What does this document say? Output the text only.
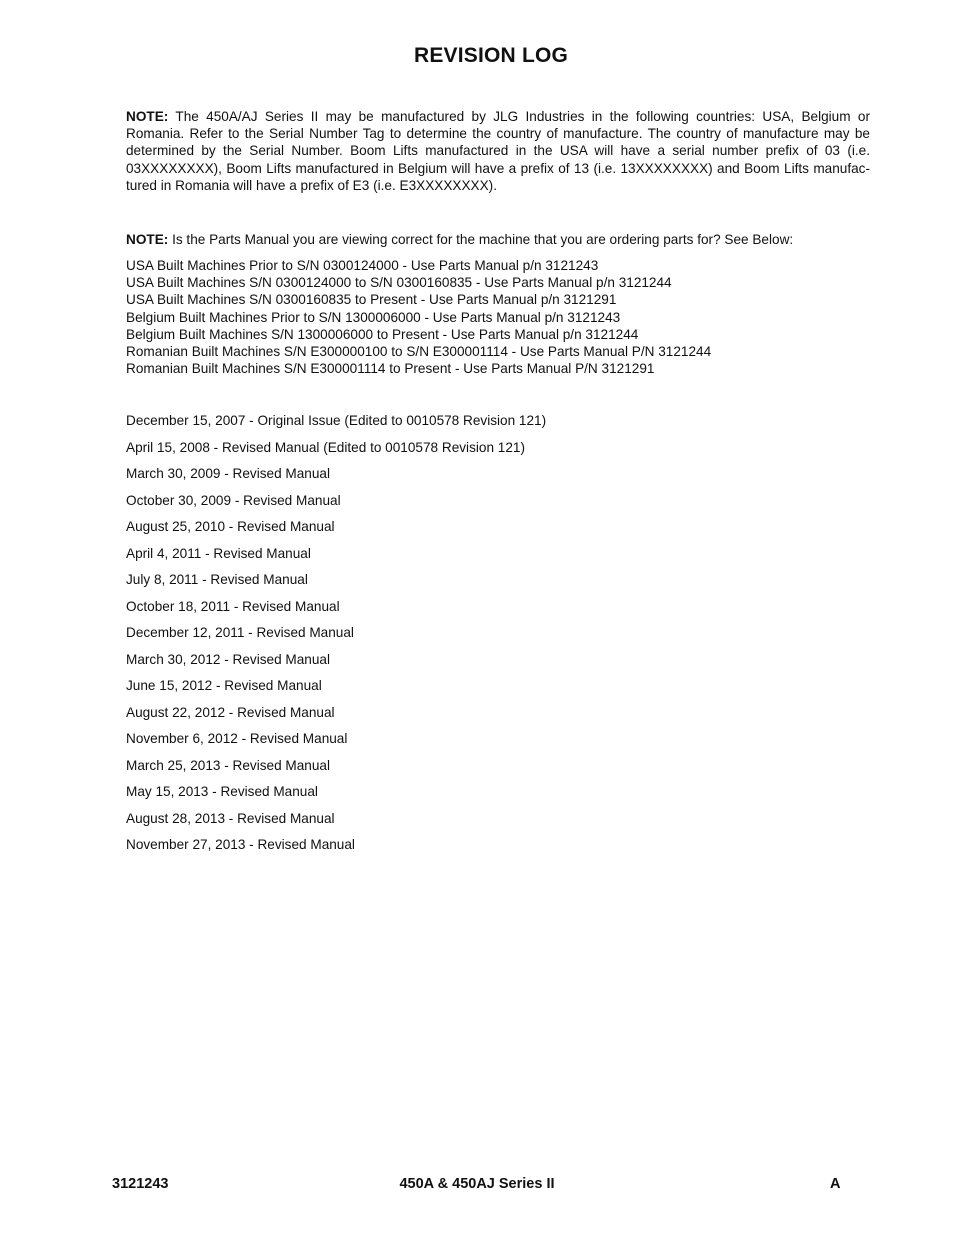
REVISION LOG
NOTE: The 450A/AJ Series II may be manufactured by JLG Industries in the following countries: USA, Belgium or
Romania. Refer to the Serial Number Tag to determine the country of manufacture. The country of manufacture may be
determined by the Serial Number. Boom Lifts manufactured in the USA will have a serial number prefix of 03 (i.e.
03XXXXXXXX), Boom Lifts manufactured in Belgium will have a prefix of 13 (i.e. 13XXXXXXXX) and Boom Lifts manufac-
tured in Romania will have a prefix of E3 (i.e. E3XXXXXXXX).
NOTE: Is the Parts Manual you are viewing correct for the machine that you are ordering parts for? See Below:
USA Built Machines Prior to S/N 0300124000 - Use Parts Manual p/n 3121243
USA Built Machines S/N 0300124000 to S/N 0300160835 - Use Parts Manual p/n 3121244
USA Built Machines S/N 0300160835 to Present - Use Parts Manual p/n 3121291
Belgium Built Machines Prior to S/N 1300006000 - Use Parts Manual p/n 3121243
Belgium Built Machines S/N 1300006000 to Present - Use Parts Manual p/n 3121244
Romanian Built Machines S/N E300000100 to S/N E300001114 - Use Parts Manual P/N 3121244
Romanian Built Machines S/N E300001114 to Present - Use Parts Manual P/N 3121291
December 15, 2007 - Original Issue (Edited to 0010578 Revision 121)
April 15, 2008 - Revised Manual (Edited to 0010578 Revision 121)
March 30, 2009 - Revised Manual
October 30, 2009 - Revised Manual
August 25, 2010 - Revised Manual
April 4, 2011 - Revised Manual
July 8, 2011 - Revised Manual
October 18, 2011 - Revised Manual
December 12, 2011 - Revised Manual
March 30, 2012 - Revised Manual
June 15, 2012 - Revised Manual
August 22, 2012 - Revised Manual
November 6, 2012 - Revised Manual
March 25, 2013 - Revised Manual
May 15, 2013 - Revised Manual
August 28, 2013 - Revised Manual
November 27, 2013 - Revised Manual
450A & 450AJ Series II
3121243	A
